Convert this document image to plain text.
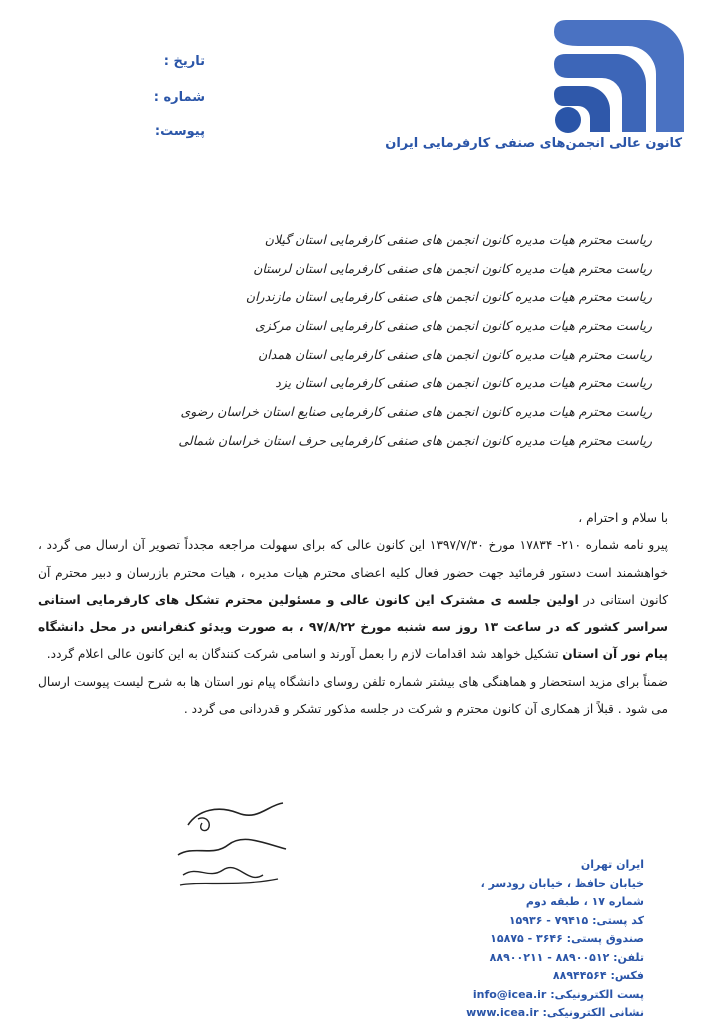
تاریخ :
شماره :
پیوست:
کانون عالی انجمن‌های صنفی کارفرمایی ایران
ریاست محترم هیات مدیره کانون انجمن های صنفی کارفرمایی استان گیلان
ریاست محترم هیات مدیره کانون انجمن های صنفی کارفرمایی استان لرستان
ریاست محترم هیات مدیره کانون انجمن های صنفی کارفرمایی استان مازندران
ریاست محترم هیات مدیره کانون انجمن های صنفی کارفرمایی استان مرکزی
ریاست محترم هیات مدیره کانون انجمن های صنفی کارفرمایی استان همدان
ریاست محترم هیات مدیره کانون انجمن های صنفی کارفرمایی استان یزد
ریاست محترم هیات مدیره کانون انجمن های صنفی کارفرمایی صنایع استان خراسان رضوی
ریاست محترم هیات مدیره کانون انجمن های صنفی کارفرمایی حرف استان خراسان شمالی

با سلام و احترام ،

پیرو نامه شماره ۲۱۰- ۱۷۸۳۴ مورخ ۱۳۹۷/۷/۳۰ این کانون عالی که برای سهولت مراجعه مجدداً تصویر آن ارسال می گردد ، خواهشمند است دستور فرمائید جهت حضور فعال کلیه اعضای محترم هیات مدیره ، هیات محترم بازرسان و دبیر محترم آن کانون استانی در اولین جلسه ی مشترک این کانون عالی و مسئولین محترم تشکل های کارفرمایی استانی سراسر کشور که در ساعت ۱۳ روز سه شنبه مورخ ۹۷/۸/۲۲ ، به صورت ویدئو کنفرانس در محل دانشگاه پیام نور آن استان تشکیل خواهد شد اقدامات لازم را بعمل آورند و اسامی شرکت کنندگان به این کانون عالی اعلام گردد.

ضمناً برای مزید استحضار و هماهنگی های بیشتر شماره تلفن روسای دانشگاه پیام نور استان ها به شرح لیست پیوست ارسال می شود . قبلاً از همکاری آن کانون محترم و شرکت در جلسه مذکور تشکر و قدردانی می گردد .

ایران تهران
خیابان حافظ ، خیابان رودسر ،
شماره ۱۷ ، طبقه دوم
کد پستی: ۷۹۴۱۵ - ۱۵۹۳۶
صندوق پستی: ۳۶۴۶ - ۱۵۸۷۵
تلفن: ۸۸۹۰۰۵۱۲ - ۸۸۹۰۰۲۱۱
فکس: ۸۸۹۴۴۵۶۴
پست الکترونیکی: info@icea.ir
نشانی الکترونیکی: www.icea.ir
